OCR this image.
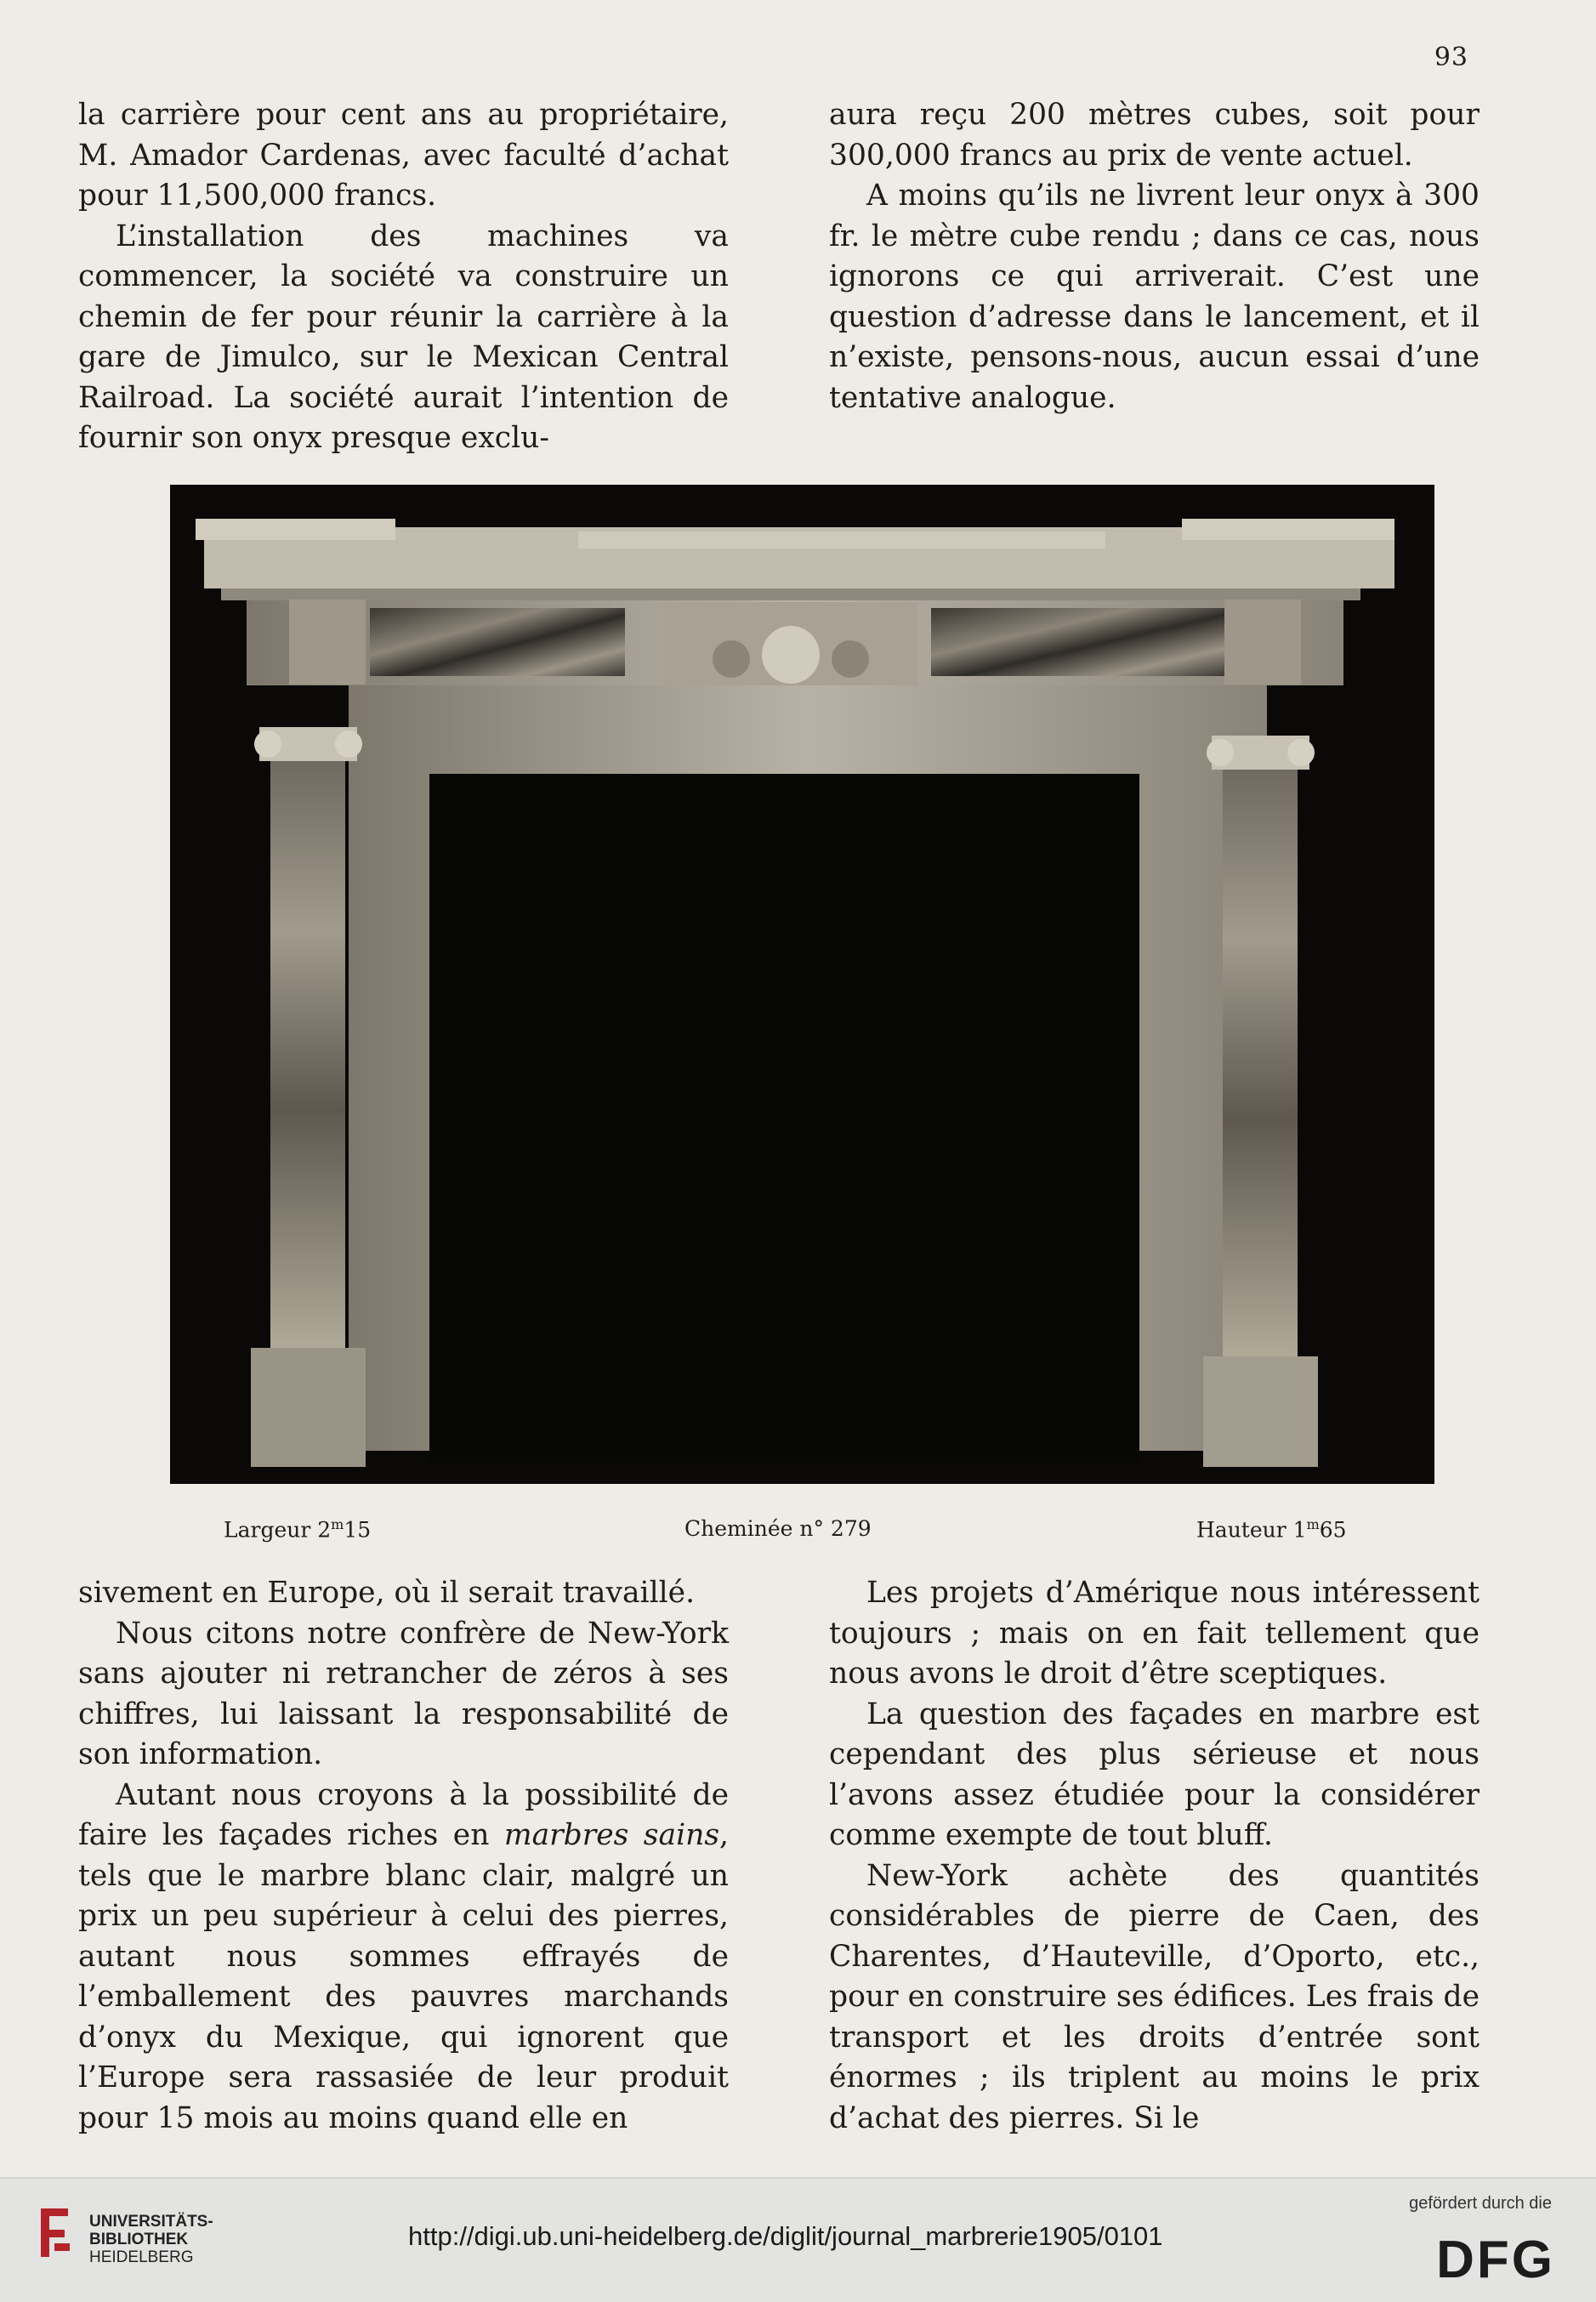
93

la carrière pour cent ans au propriétaire, M. Amador Cardenas, avec faculté d’achat pour 11,500,000 francs.

L’installation des machines va commencer, la société va construire un chemin de fer pour réunir la carrière à la gare de Jimulco, sur le Mexican Central Railroad. La société aurait l’intention de fournir son onyx presque exclu-

aura reçu 200 mètres cubes, soit pour 300,000 francs au prix de vente actuel.

A moins qu’ils ne livrent leur onyx à 300 fr. le mètre cube rendu ; dans ce cas, nous ignorons ce qui arriverait. C’est une question d’adresse dans le lancement, et il n’existe, pensons-nous, aucun essai d’une tentative analogue.

Largeur 2$^m$15	Cheminée n° 279	Hauteur 1$^m$65

sivement en Europe, où il serait travaillé.

Nous citons notre confrère de New-York sans ajouter ni retrancher de zéros à ses chiffres, lui laissant la responsabilité de son information.

Autant nous croyons à la possibilité de faire les façades riches en marbres sains, tels que le marbre blanc clair, malgré un prix un peu supérieur à celui des pierres, autant nous sommes effrayés de l’emballement des pauvres marchands d’onyx du Mexique, qui ignorent que l’Europe sera rassasiée de leur produit pour 15 mois au moins quand elle en

Les projets d’Amérique nous intéressent toujours ; mais on en fait tellement que nous avons le droit d’être sceptiques.

La question des façades en marbre est cependant des plus sérieuse et nous l’avons assez étudiée pour la considérer comme exempte de tout bluff.

New-York achète des quantités considérables de pierre de Caen, des Charentes, d’Hauteville, d’Oporto, etc., pour en construire ses édifices. Les frais de transport et les droits d’entrée sont énormes ; ils triplent au moins le prix d’achat des pierres. Si le

UNIVERSITÄTS-
BIBLIOTHEK
HEIDELBERG
http://digi.ub.uni-heidelberg.de/diglit/journal_marbrerie1905/0101
gefördert durch die
DFG
